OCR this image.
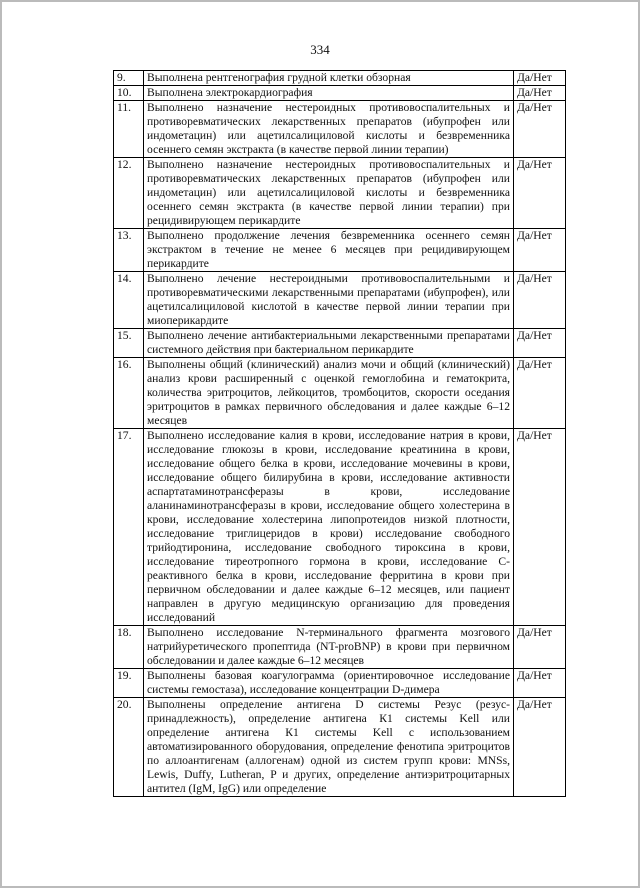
334
9.	Выполнена рентгенография грудной клетки обзорная	Да/Нет
10.	Выполнена электрокардиография	Да/Нет
11.	Выполнено назначение нестероидных противовоспалительных и противоревматических лекарственных препаратов (ибупрофен или индометацин) или ацетилсалициловой кислоты и безвременника осеннего семян экстракта (в качестве первой линии терапии)	Да/Нет
12.	Выполнено назначение нестероидных противовоспалительных и противоревматических лекарственных препаратов (ибупрофен или индометацин) или ацетилсалициловой кислоты и безвременника осеннего семян экстракта (в качестве первой линии терапии) при рецидивирующем перикардите	Да/Нет
13.	Выполнено продолжение лечения безвременника осеннего семян экстрактом в течение не менее 6 месяцев при рецидивирующем перикардите	Да/Нет
14.	Выполнено лечение нестероидными противовоспалительными и противоревматическими лекарственными препаратами (ибупрофен), или ацетилсалициловой кислотой в качестве первой линии терапии при миоперикардите	Да/Нет
15.	Выполнено лечение антибактериальными лекарственными препаратами системного действия при бактериальном перикардите	Да/Нет
16.	Выполнены общий (клинический) анализ мочи и общий (клинический) анализ крови расширенный с оценкой гемоглобина и гематокрита, количества эритроцитов, лейкоцитов, тромбоцитов, скорости оседания эритроцитов в рамках первичного обследования и далее каждые 6–12 месяцев	Да/Нет
17.	Выполнено исследование калия в крови, исследование натрия в крови, исследование глюкозы в крови, исследование креатинина в крови, исследование общего белка в крови, исследование мочевины в крови, исследование общего билирубина в крови, исследование активности аспартатаминотрансферазы в крови, исследование аланинаминотрансферазы в крови, исследование общего холестерина в крови, исследование холестерина липопротеидов низкой плотности, исследование триглицеридов в крови) исследование свободного трийодтиронина, исследование свободного тироксина в крови, исследование тиреотропного гормона в крови, исследование С-реактивного белка в крови, исследование ферритина в крови при первичном обследовании и далее каждые 6–12 месяцев, или пациент направлен в другую медицинскую организацию для проведения исследований	Да/Нет
18.	Выполнено исследование N-терминального фрагмента мозгового натрийуретического пропептида (NT-proBNP) в крови при первичном обследовании и далее каждые 6–12 месяцев	Да/Нет
19.	Выполнены базовая коагулограмма (ориентировочное исследование системы гемостаза), исследование концентрации D-димера	Да/Нет
20.	Выполнены определение антигена D системы Резус (резус-принадлежность), определение антигена К1 системы Kell или определение антигена К1 системы Kell с использованием автоматизированного оборудования, определение фенотипа эритроцитов по аллоантигенам (аллогенам) одной из систем групп крови: MNSs, Lewis, Duffy, Lutheran, P и других, определение антиэритроцитарных антител (IgM, IgG) или определение	Да/Нет
